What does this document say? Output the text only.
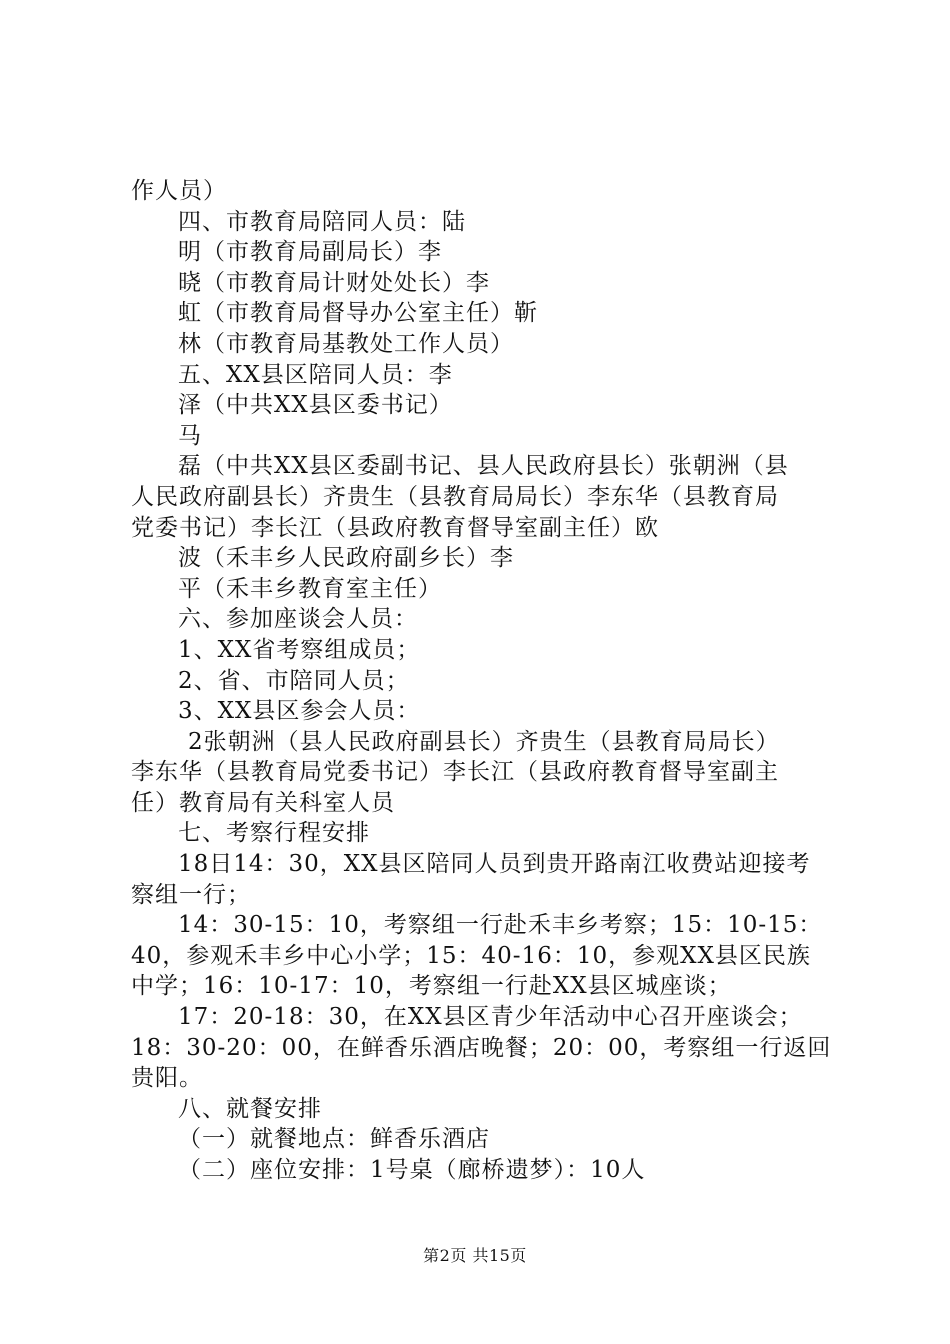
作人员）
四、市教育局陪同人员：陆
明（市教育局副局长）李
晓（市教育局计财处处长）李
虹（市教育局督导办公室主任）靳
林（市教育局基教处工作人员）
五、XX县区陪同人员：李
泽（中共XX县区委书记）
马
磊（中共XX县区委副书记、县人民政府县长）张朝洲（县
人民政府副县长）齐贵生（县教育局局长）李东华（县教育局
党委书记）李长江（县政府教育督导室副主任）欧
波（禾丰乡人民政府副乡长）李
平（禾丰乡教育室主任）
六、参加座谈会人员：
1、XX省考察组成员；
2、省、市陪同人员；
3、XX县区参会人员：
2张朝洲（县人民政府副县长）齐贵生（县教育局局长）
李东华（县教育局党委书记）李长江（县政府教育督导室副主
任）教育局有关科室人员
七、考察行程安排
18日14：30，XX县区陪同人员到贵开路南江收费站迎接考
察组一行；
14：30-15：10，考察组一行赴禾丰乡考察；15：10-15：
40，参观禾丰乡中心小学；15：40-16：10，参观XX县区民族
中学；16：10-17：10，考察组一行赴XX县区城座谈；
17：20-18：30，在XX县区青少年活动中心召开座谈会；
18：30-20：00，在鲜香乐酒店晚餐；20：00，考察组一行返回
贵阳。
八、就餐安排
（一）就餐地点：鲜香乐酒店
（二）座位安排：1号桌（廊桥遗梦）：10人
第2页 共15页
